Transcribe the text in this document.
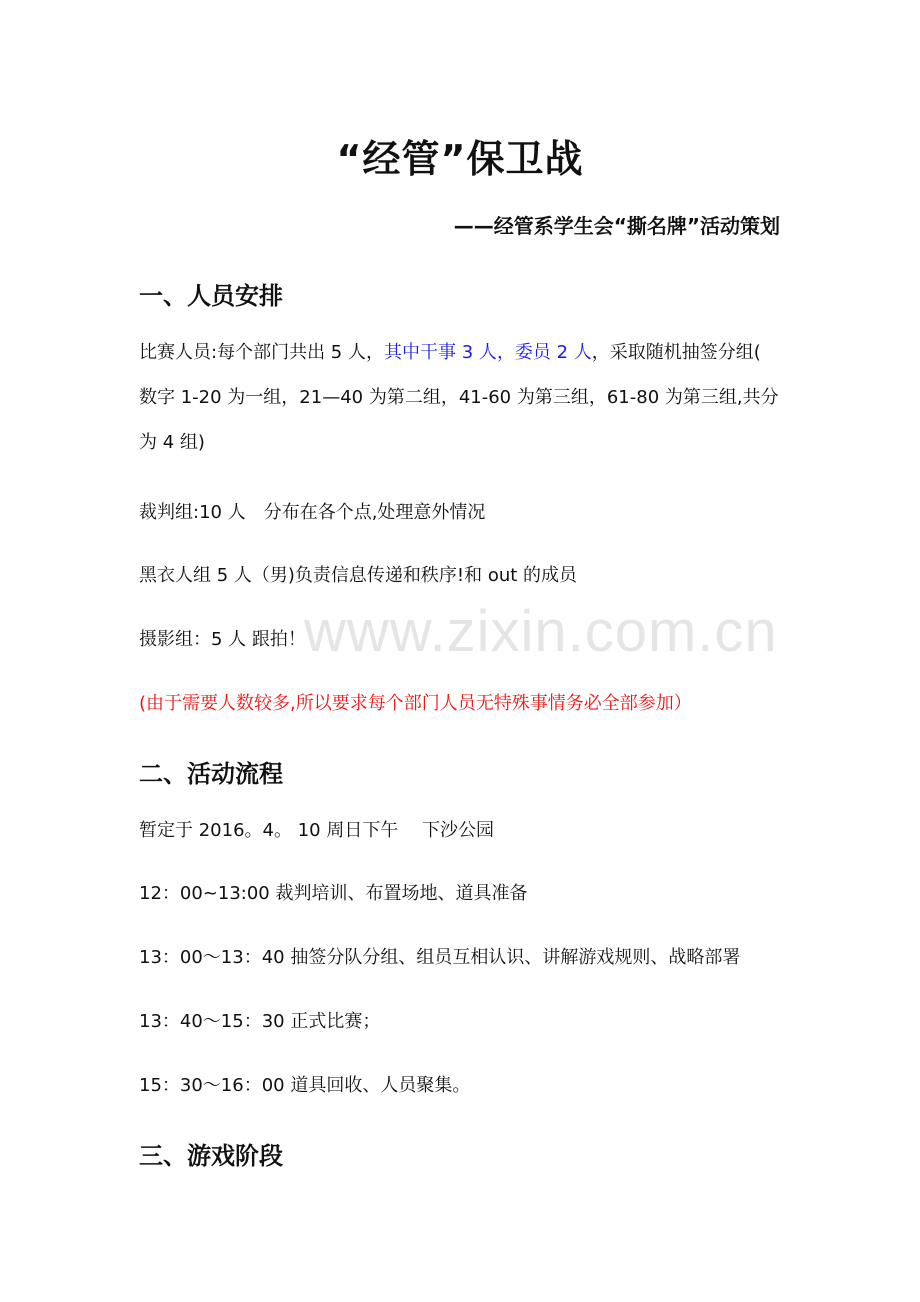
“经管”保卫战
——经管系学生会“撕名牌”活动策划
一、人员安排
比赛人员:每个部门共出 5 人，其中干事 3 人，委员 2 人，采取随机抽签分组( 数字 1-20 为一组，21—40 为第二组，41-60 为第三组，61-80 为第三组,共分为 4 组)
裁判组:10 人　分布在各个点,处理意外情况
黑衣人组 5 人（男)负责信息传递和秩序!和 out 的成员
摄影组：5 人 跟拍！
(由于需要人数较多,所以要求每个部门人员无特殊事情务必全部参加）
二、活动流程
暂定于 2016。4。 10 周日下午　 下沙公园
12：00~13:00 裁判培训、布置场地、道具准备
13：00～13：40 抽签分队分组、组员互相认识、讲解游戏规则、战略部署
13：40～15：30 正式比赛；
15：30～16：00 道具回收、人员聚集。
三、游戏阶段
www.zixin.com.cn
